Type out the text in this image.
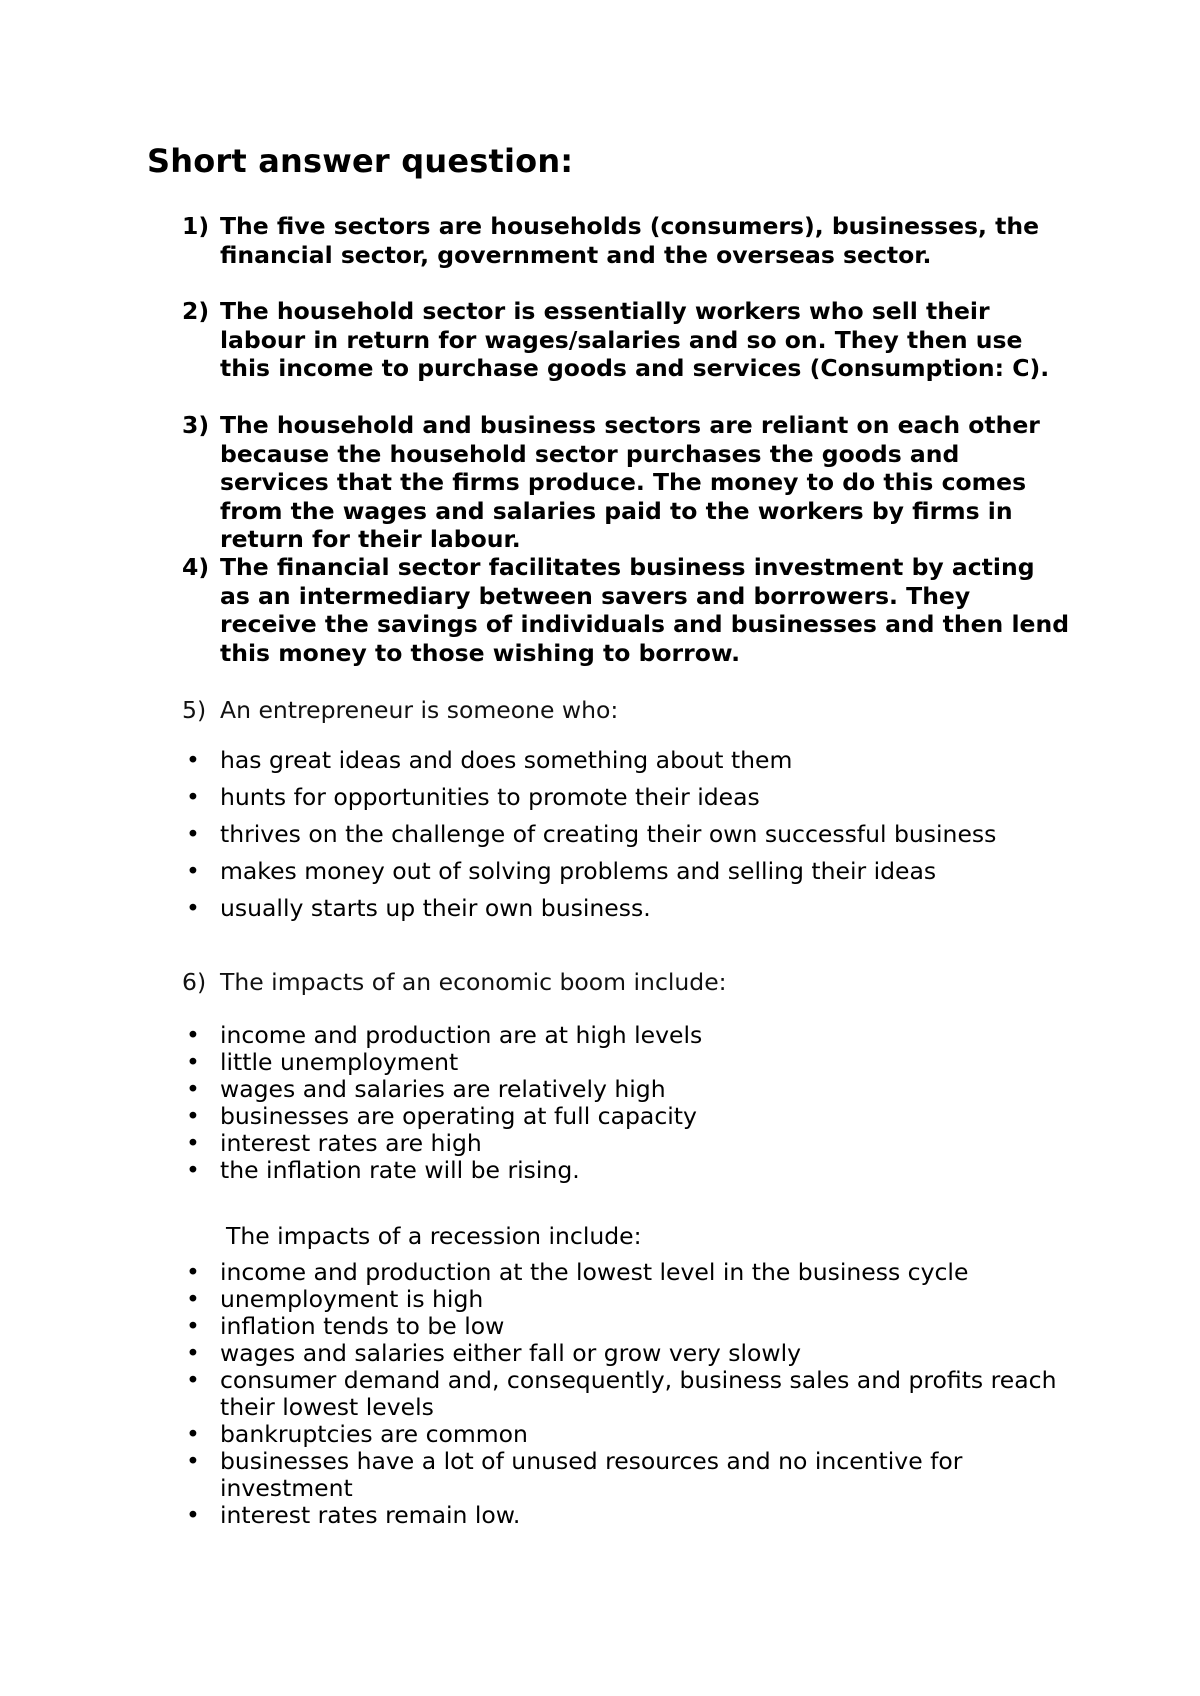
Short answer question:
1) The five sectors are households (consumers), businesses, the financial sector, government and the overseas sector.
2) The household sector is essentially workers who sell their labour in return for wages/salaries and so on. They then use this income to purchase goods and services (Consumption: C).
3) The household and business sectors are reliant on each other because the household sector purchases the goods and services that the firms produce. The money to do this comes from the wages and salaries paid to the workers by firms in return for their labour.
4) The financial sector facilitates business investment by acting as an intermediary between savers and borrowers. They receive the savings of individuals and businesses and then lend this money to those wishing to borrow.
5) An entrepreneur is someone who:
• has great ideas and does something about them
• hunts for opportunities to promote their ideas
• thrives on the challenge of creating their own successful business
• makes money out of solving problems and selling their ideas
• usually starts up their own business.
6) The impacts of an economic boom include:
• income and production are at high levels
• little unemployment
• wages and salaries are relatively high
• businesses are operating at full capacity
• interest rates are high
• the inflation rate will be rising.
The impacts of a recession include:
• income and production at the lowest level in the business cycle
• unemployment is high
• inflation tends to be low
• wages and salaries either fall or grow very slowly
• consumer demand and, consequently, business sales and profits reach their lowest levels
• bankruptcies are common
• businesses have a lot of unused resources and no incentive for investment
• interest rates remain low.
